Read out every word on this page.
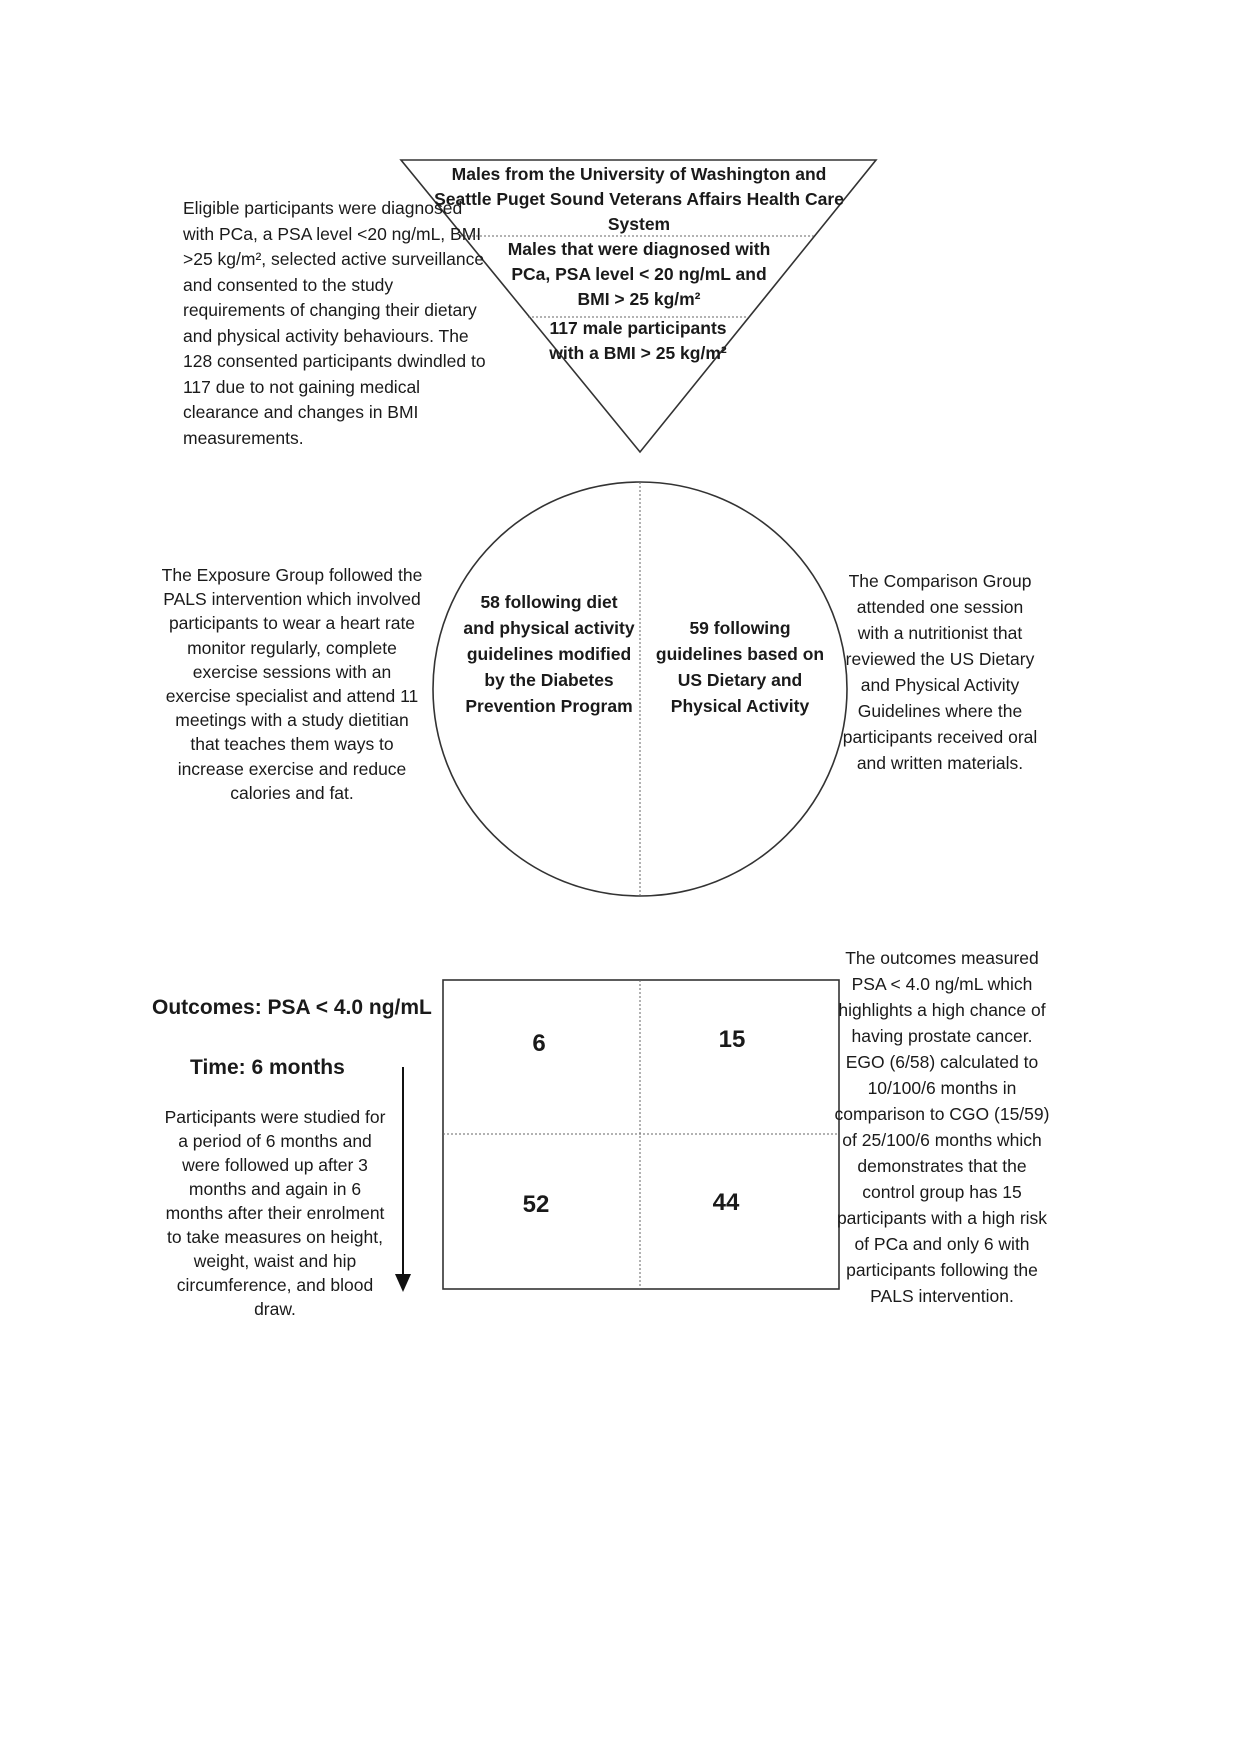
Males from the University of Washington and Seattle Puget Sound Veterans Affairs Health Care System
Males that were diagnosed with PCa, PSA level < 20 ng/mL and BMI > 25 kg/m²
117 male participants with a BMI > 25 kg/m²
Eligible participants were diagnosed with PCa, a PSA level <20 ng/mL, BMI >25 kg/m², selected active surveillance and consented to the study requirements of changing their dietary and physical activity behaviours. The 128 consented participants dwindled to 117 due to not gaining medical clearance and changes in BMI measurements.
58 following diet and physical activity guidelines modified by the Diabetes Prevention Program
59 following guidelines based on US Dietary and Physical Activity
The Exposure Group followed the PALS intervention which involved participants to wear a heart rate monitor regularly, complete exercise sessions with an exercise specialist and attend 11 meetings with a study dietitian that teaches them ways to increase exercise and reduce calories and fat.
The Comparison Group attended one session with a nutritionist that reviewed the US Dietary and Physical Activity Guidelines where the participants received oral and written materials.
Outcomes: PSA < 4.0 ng/mL
Time: 6 months
Participants were studied for a period of 6 months and were followed up after 3 months and again in 6 months after their enrolment to take measures on height, weight, waist and hip circumference, and blood draw.
6	15
52	44
The outcomes measured PSA < 4.0 ng/mL which highlights a high chance of having prostate cancer. EGO (6/58) calculated to 10/100/6 months in comparison to CGO (15/59) of 25/100/6 months which demonstrates that the control group has 15 participants with a high risk of PCa and only 6 with participants following the PALS intervention.
